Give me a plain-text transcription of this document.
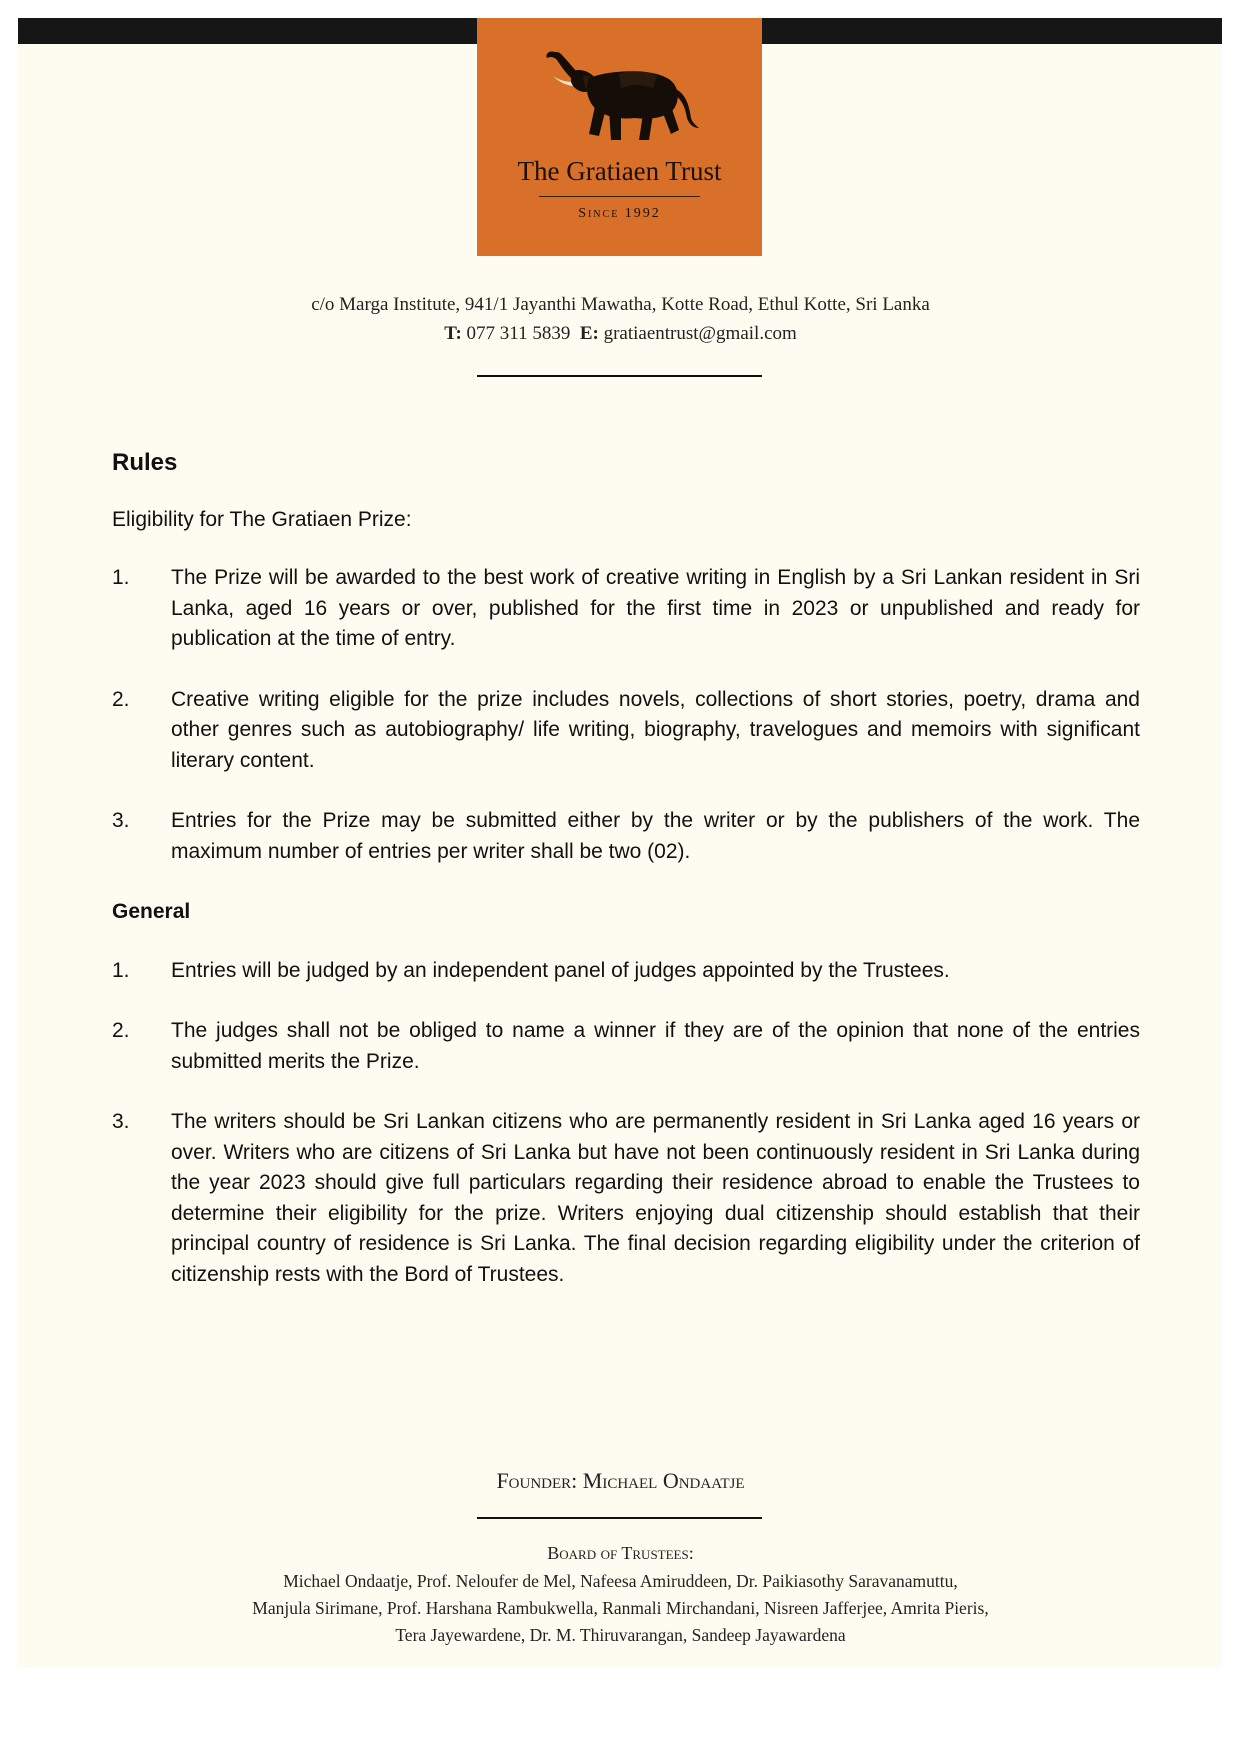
The Gratiaen Trust
Since 1992
c/o Marga Institute, 941/1 Jayanthi Mawatha, Kotte Road, Ethul Kotte, Sri Lanka
T: 077 311 5839 E: gratiaentrust@gmail.com
Rules
Eligibility for The Gratiaen Prize:
1. The Prize will be awarded to the best work of creative writing in English by a Sri Lankan resident in Sri Lanka, aged 16 years or over, published for the first time in 2023 or unpublished and ready for publication at the time of entry.
2. Creative writing eligible for the prize includes novels, collections of short stories, poetry, drama and other genres such as autobiography/ life writing, biography, travelogues and memoirs with significant literary content.
3. Entries for the Prize may be submitted either by the writer or by the publishers of the work. The maximum number of entries per writer shall be two (02).
General
1. Entries will be judged by an independent panel of judges appointed by the Trustees.
2. The judges shall not be obliged to name a winner if they are of the opinion that none of the entries submitted merits the Prize.
3. The writers should be Sri Lankan citizens who are permanently resident in Sri Lanka aged 16 years or over. Writers who are citizens of Sri Lanka but have not been continuously resident in Sri Lanka during the year 2023 should give full particulars regarding their residence abroad to enable the Trustees to determine their eligibility for the prize. Writers enjoying dual citizenship should establish that their principal country of residence is Sri Lanka. The final decision regarding eligibility under the criterion of citizenship rests with the Bord of Trustees.
Founder: Michael Ondaatje
Board of Trustees:
Michael Ondaatje, Prof. Neloufer de Mel, Nafeesa Amiruddeen, Dr. Paikiasothy Saravanamuttu,
Manjula Sirimane, Prof. Harshana Rambukwella, Ranmali Mirchandani, Nisreen Jafferjee, Amrita Pieris,
Tera Jayewardene, Dr. M. Thiruvarangan, Sandeep Jayawardena
